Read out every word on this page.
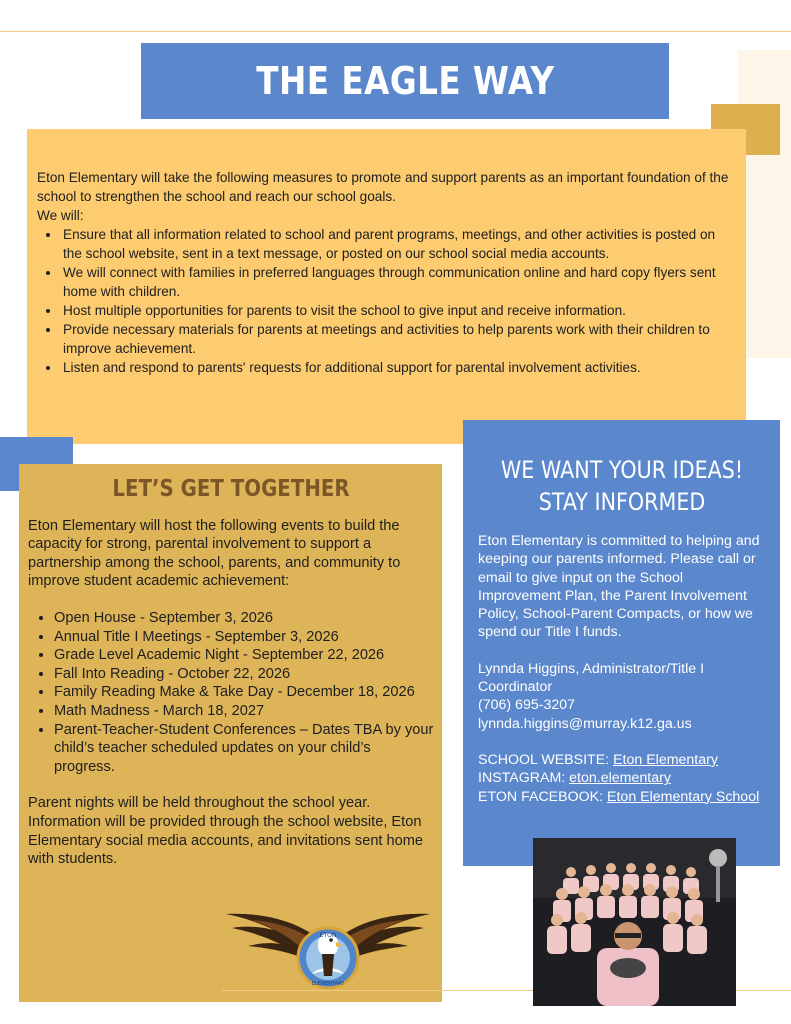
THE EAGLE WAY

Eton Elementary will take the following measures to promote and support parents as an important foundation of the school to strengthen the school and reach our school goals.

We will:

• Ensure that all information related to school and parent programs, meetings, and other activities is posted on the school website, sent in a text message, or posted on our school social media accounts.
• We will connect with families in preferred languages through communication online and hard copy flyers sent home with children.
• Host multiple opportunities for parents to visit the school to give input and receive information.
• Provide necessary materials for parents at meetings and activities to help parents work with their children to improve achievement.
• Listen and respond to parents' requests for additional support for parental involvement activities.
LET’S GET TOGETHER

Eton Elementary will host the following events to build the capacity for strong, parental involvement to support a partnership among the school, parents, and community to improve student academic achievement:

• Open House - September 3, 2026
• Annual Title I Meetings - September 3, 2026
• Grade Level Academic Night - September 22, 2026
• Fall Into Reading - October 22, 2026
• Family Reading Make & Take Day - December 18, 2026
• Math Madness - March 18, 2027
• Parent-Teacher-Student Conferences – Dates TBA by your child’s teacher scheduled updates on your child’s progress.

Parent nights will be held throughout the school year. Information will be provided through the school website, Eton Elementary social media accounts, and invitations sent home with students.

WE WANT YOUR IDEAS!
STAY INFORMED

Eton Elementary is committed to helping and keeping our parents informed. Please call or email to give input on the School Improvement Plan, the Parent Involvement Policy, School-Parent Compacts, or how we spend our Title I funds.

Lynnda Higgins, Administrator/Title I Coordinator

(706) 695-3207

lynnda.higgins@murray.k12.ga.us

SCHOOL WEBSITE: Eton Elementary

INSTAGRAM: eton.elementary

ETON FACEBOOK: Eton Elementary School

ETON
ELEMENTARY
